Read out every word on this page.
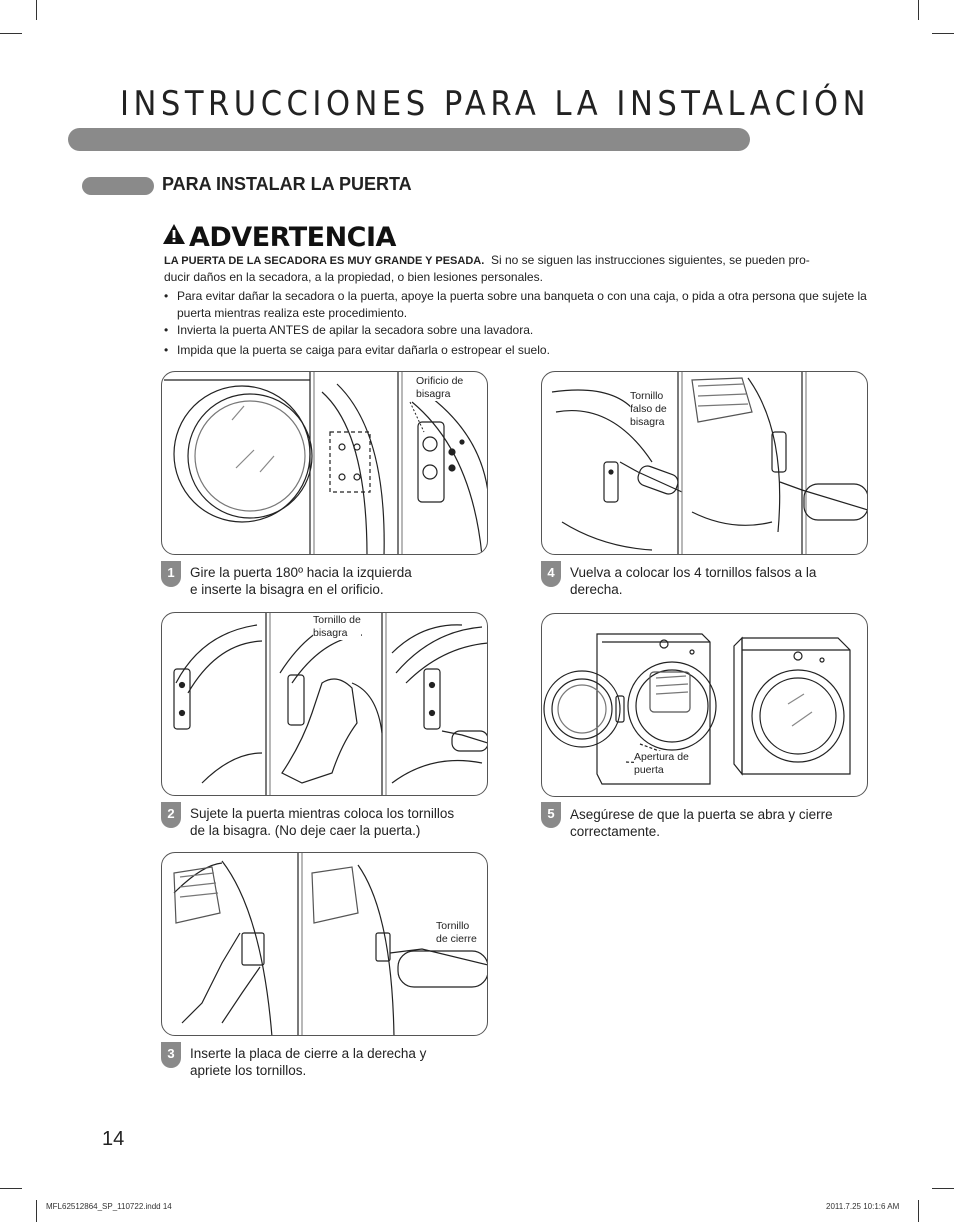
INSTRUCCIONES PARA LA INSTALACIÓN
PARA INSTALAR LA PUERTA
ADVERTENCIA
LA PUERTA DE LA SECADORA ES MUY GRANDE Y PESADA. Si no se siguen las instrucciones siguientes, se pueden pro-
ducir daños en la secadora, a la propiedad, o bien lesiones personales.
• Para evitar dañar la secadora o la puerta, apoye la puerta sobre una banqueta o con una caja, o pida a otra persona que sujete la puerta mientras realiza este procedimiento.
• Invierta la puerta ANTES de apilar la secadora sobre una lavadora.
• Impida que la puerta se caiga para evitar dañarla o estropear el suelo.
Orificio de
bisagra
1	Gire la puerta 180º hacia la izquierda
e inserte la bisagra en el orificio.
Tornillo de
bisagra
2	Sujete la puerta mientras coloca los tornillos
de la bisagra. (No deje caer la puerta.)
Tornillo
de cierre
3	Inserte la placa de cierre a la derecha y
apriete los tornillos.
Tornillo
falso de
bisagra
4	Vuelva a colocar los 4 tornillos falsos a la
derecha.
Apertura de
puerta
5	Asegúrese de que la puerta se abra y cierre
correctamente.
14
MFL62512864_SP_110722.indd 14	2011.7.25 10:1:6 AM
